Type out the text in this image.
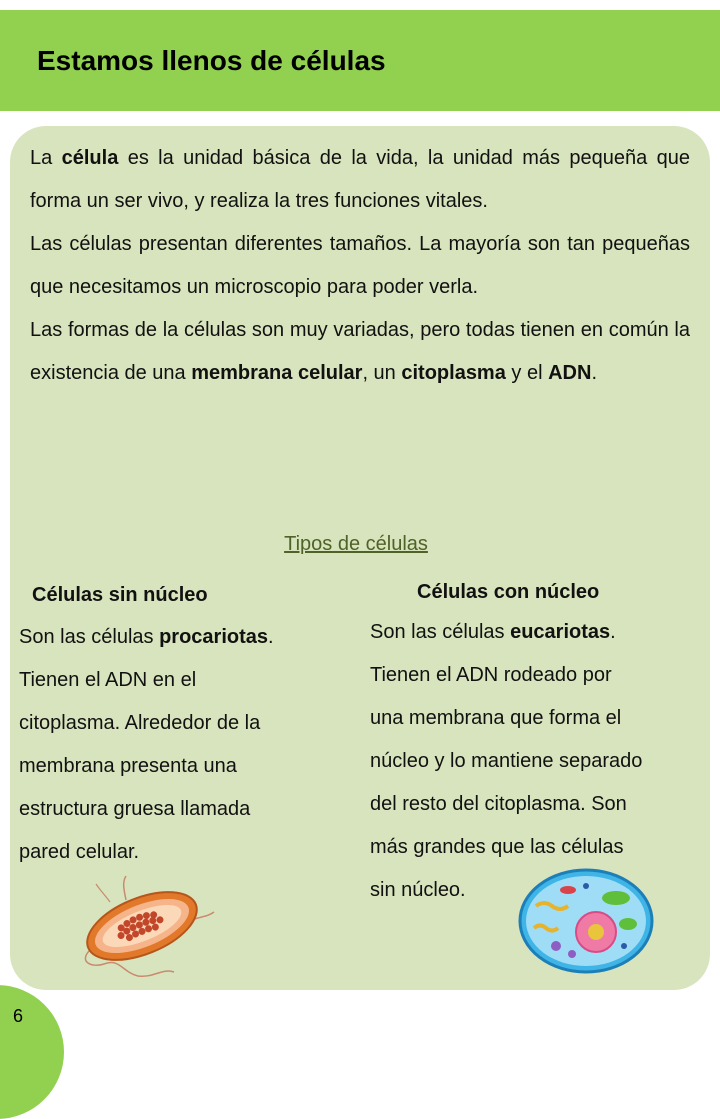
Estamos llenos de células

La célula es la unidad básica de la vida, la unidad más pequeña que forma un ser vivo, y realiza la tres funciones vitales.

Las células presentan diferentes tamaños. La mayoría son tan pequeñas que necesitamos un microscopio para poder verla.

Las formas de la células son muy variadas, pero todas tienen en común la existencia de una membrana celular, un citoplasma y el ADN.

Tipos de células
Células sin núcleo

Son las células procariotas.

Tienen el ADN en el

citoplasma. Alrededor de la

membrana presenta una

estructura gruesa llamada

pared celular.

Células con núcleo

Son las células eucariotas.

Tienen el ADN rodeado por

una membrana que forma el

núcleo y lo mantiene separado

del resto del citoplasma. Son

más grandes que las células

sin núcleo.

6
